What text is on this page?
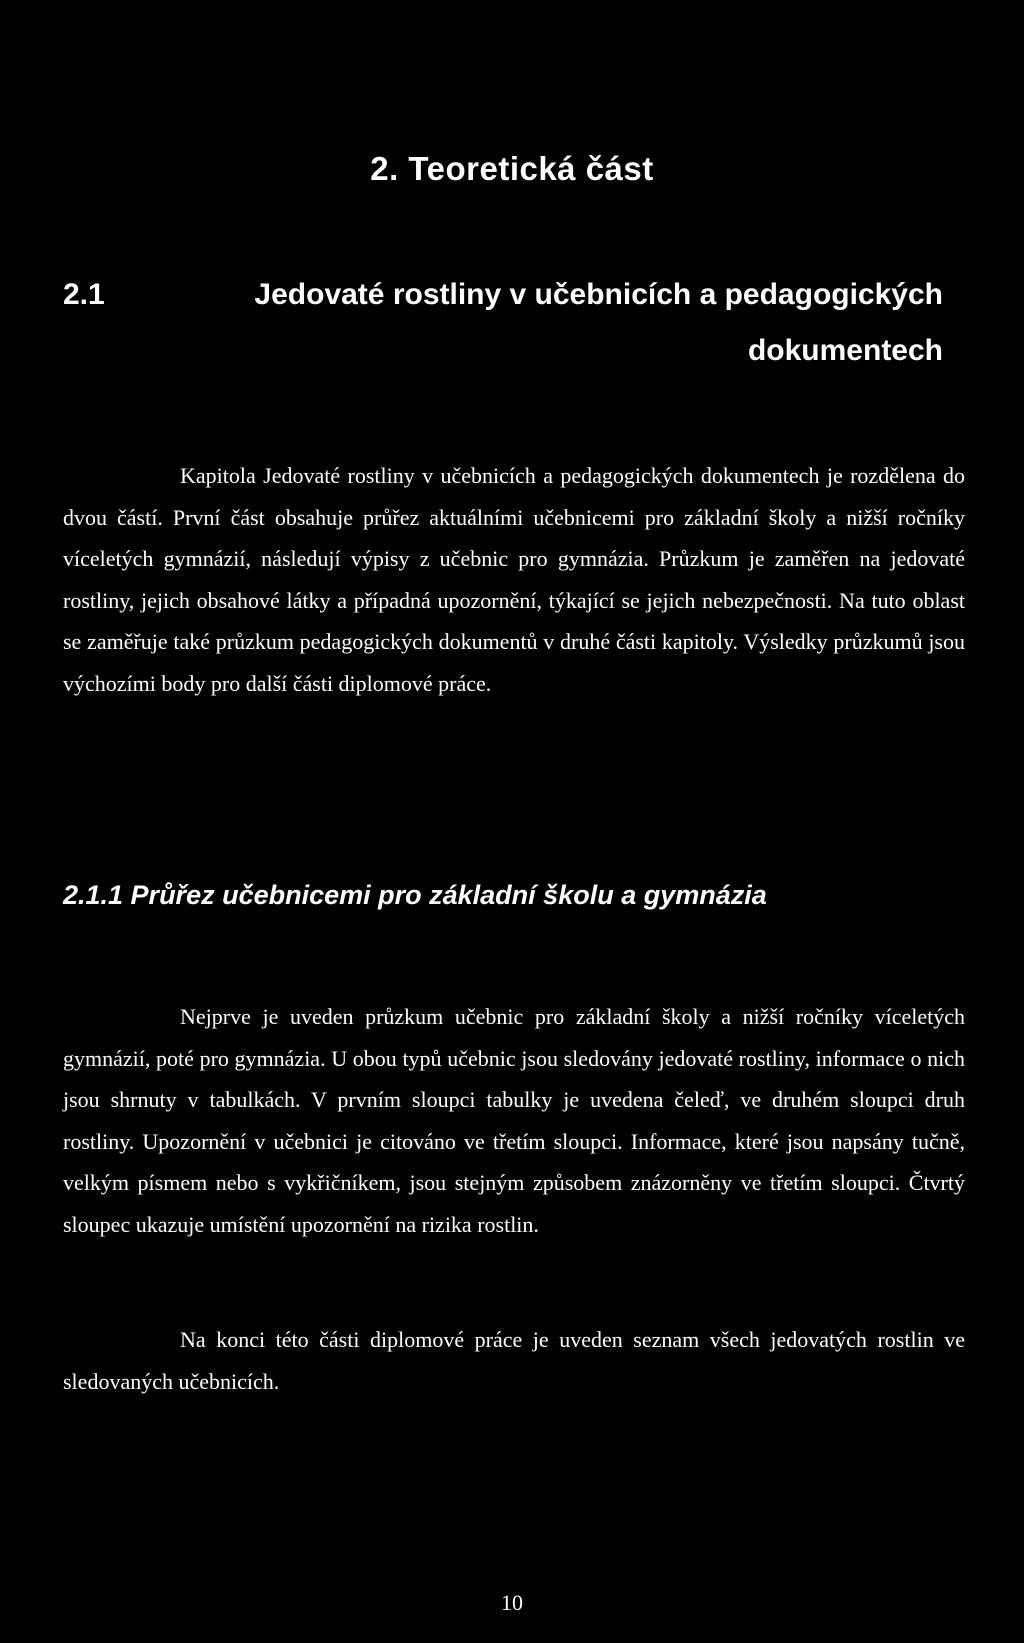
2. Teoretická část
2.1	Jedovaté rostliny v učebnicích a pedagogických dokumentech

Kapitola Jedovaté rostliny v učebnicích a pedagogických dokumentech je rozdělena do dvou částí. První část obsahuje průřez aktuálními učebnicemi pro základní školy a nižší ročníky víceletých gymnázií, následují výpisy z učebnic pro gymnázia. Průzkum je zaměřen na jedovaté rostliny, jejich obsahové látky a případná upozornění, týkající se jejich nebezpečnosti. Na tuto oblast se zaměřuje také průzkum pedagogických dokumentů v druhé části kapitoly. Výsledky průzkumů jsou výchozími body pro další části diplomové práce.

2.1.1 Průřez učebnicemi pro základní školu a gymnázia

Nejprve je uveden průzkum učebnic pro základní školy a nižší ročníky víceletých gymnázií, poté pro gymnázia. U obou typů učebnic jsou sledovány jedovaté rostliny, informace o nich jsou shrnuty v tabulkách. V prvním sloupci tabulky je uvedena čeleď, ve druhém sloupci druh rostliny. Upozornění v učebnici je citováno ve třetím sloupci. Informace, které jsou napsány tučně, velkým písmem nebo s vykřičníkem, jsou stejným způsobem znázorněny ve třetím sloupci. Čtvrtý sloupec ukazuje umístění upozornění na rizika rostlin.

Na konci této části diplomové práce je uveden seznam všech jedovatých rostlin ve sledovaných učebnicích.

10
